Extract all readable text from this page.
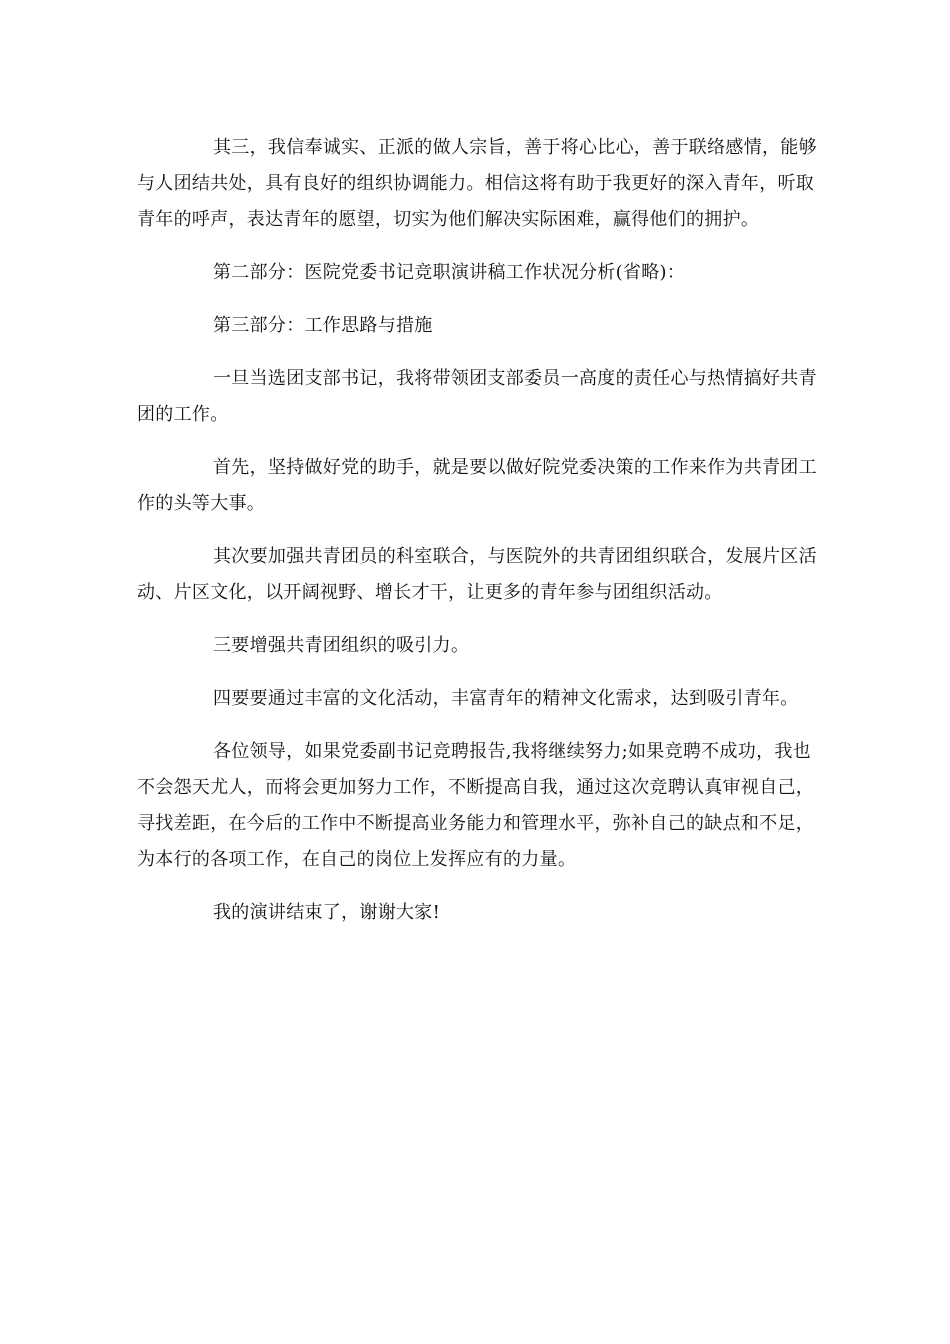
其三，我信奉诚实、正派的做人宗旨，善于将心比心，善于联络感情，能够与人团结共处，具有良好的组织协调能力。相信这将有助于我更好的深入青年，听取青年的呼声，表达青年的愿望，切实为他们解决实际困难，赢得他们的拥护。

第二部分：医院党委书记竞职演讲稿工作状况分析(省略)：

第三部分：工作思路与措施

一旦当选团支部书记，我将带领团支部委员一高度的责任心与热情搞好共青团的工作。

首先，坚持做好党的助手，就是要以做好院党委决策的工作来作为共青团工作的头等大事。

其次要加强共青团员的科室联合，与医院外的共青团组织联合，发展片区活动、片区文化，以开阔视野、增长才干，让更多的青年参与团组织活动。

三要增强共青团组织的吸引力。

四要要通过丰富的文化活动，丰富青年的精神文化需求，达到吸引青年。

各位领导，如果党委副书记竞聘报告,我将继续努力;如果竞聘不成功，我也不会怨天尤人，而将会更加努力工作，不断提高自我，通过这次竞聘认真审视自己，寻找差距，在今后的工作中不断提高业务能力和管理水平，弥补自己的缺点和不足，为本行的各项工作，在自己的岗位上发挥应有的力量。

我的演讲结束了，谢谢大家!
